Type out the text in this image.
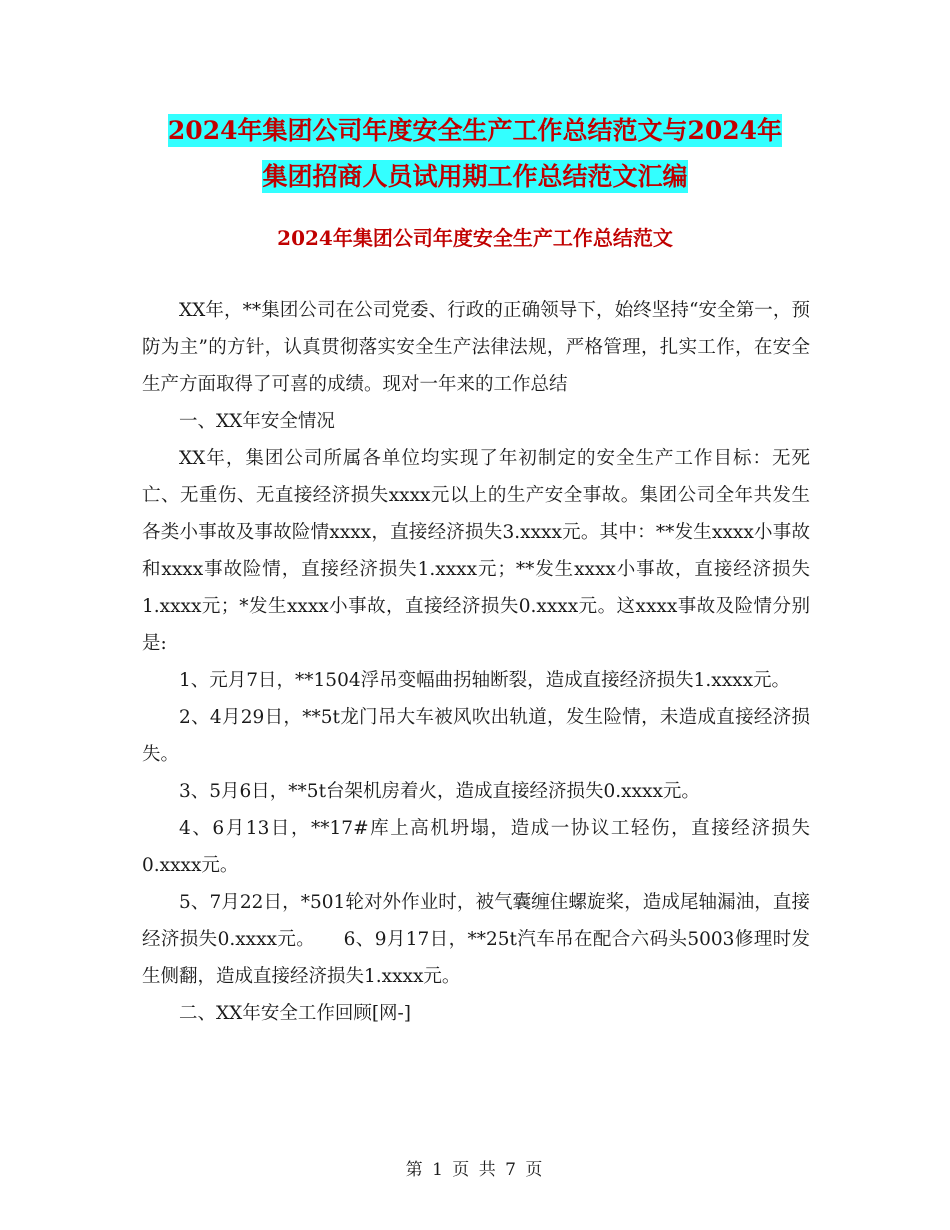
2024年集团公司年度安全生产工作总结范文与2024年
集团招商人员试用期工作总结范文汇编
2024年集团公司年度安全生产工作总结范文

XX年，**集团公司在公司党委、行政的正确领导下，始终坚持“安全第一，预防为主”的方针，认真贯彻落实安全生产法律法规，严格管理，扎实工作，在安全生产方面取得了可喜的成绩。现对一年来的工作总结

一、XX年安全情况

XX年，集团公司所属各单位均实现了年初制定的安全生产工作目标：无死亡、无重伤、无直接经济损失xxxx元以上的生产安全事故。集团公司全年共发生各类小事故及事故险情xxxx，直接经济损失3.xxxx元。其中：**发生xxxx小事故和xxxx事故险情，直接经济损失1.xxxx元；**发生xxxx小事故，直接经济损失1.xxxx元；*发生xxxx小事故，直接经济损失0.xxxx元。这xxxx事故及险情分别是:

1、元月7日，**1504浮吊变幅曲拐轴断裂，造成直接经济损失1.xxxx元。

2、4月29日，**5t龙门吊大车被风吹出轨道，发生险情，未造成直接经济损失。

3、5月6日，**5t台架机房着火，造成直接经济损失0.xxxx元。

4、6月13日，**17#库上高机坍塌，造成一协议工轻伤，直接经济损失0.xxxx元。

5、7月22日，*501轮对外作业时，被气囊缠住螺旋桨，造成尾轴漏油，直接经济损失0.xxxx元。　　6、9月17日，**25t汽车吊在配合六码头5003修理时发生侧翻，造成直接经济损失1.xxxx元。

二、XX年安全工作回顾[网-]

第 1 页 共 7 页
